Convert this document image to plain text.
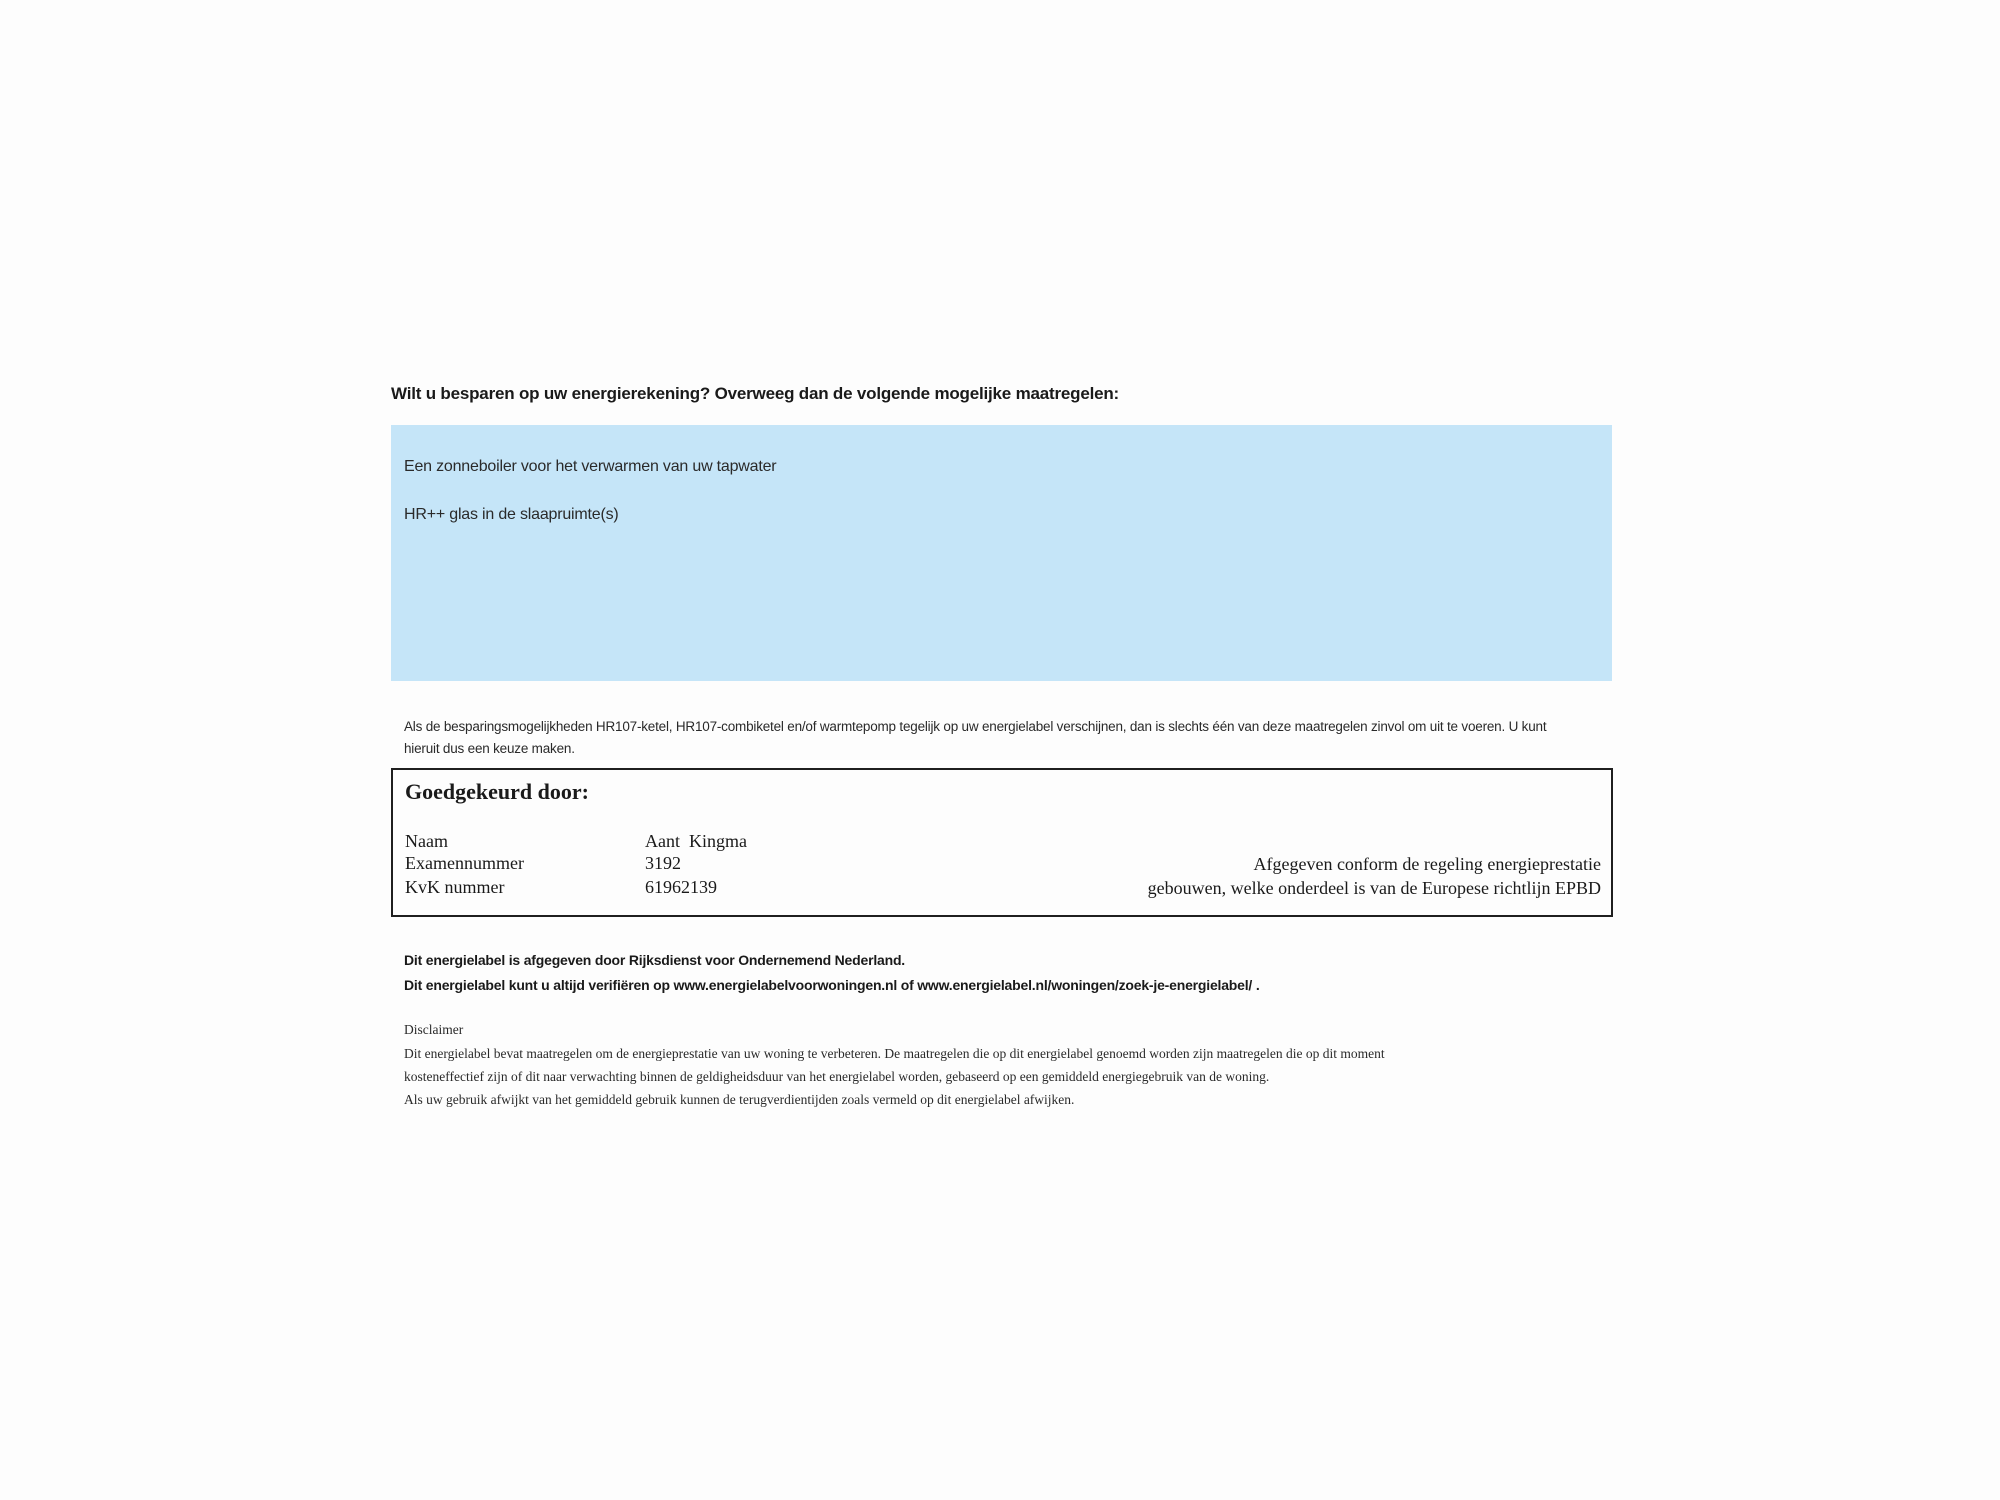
Wilt u besparen op uw energierekening? Overweeg dan de volgende mogelijke maatregelen:
Een zonneboiler voor het verwarmen van uw tapwater
HR++ glas in de slaapruimte(s)
Als de besparingsmogelijkheden HR107-ketel, HR107-combiketel en/of warmtepomp tegelijk op uw energielabel verschijnen, dan is slechts één van deze maatregelen zinvol om uit te voeren. U kunt hieruit dus een keuze maken.
Goedgekeurd door:
Naam	Aant  Kingma
Examennummer	3192
KvK nummer	61962139
Afgegeven conform de regeling energieprestatie
gebouwen, welke onderdeel is van de Europese richtlijn EPBD
Dit energielabel is afgegeven door Rijksdienst voor Ondernemend Nederland.
Dit energielabel kunt u altijd verifiëren op www.energielabelvoorwoningen.nl of www.energielabel.nl/woningen/zoek-je-energielabel/ .
Disclaimer
Dit energielabel bevat maatregelen om de energieprestatie van uw woning te verbeteren. De maatregelen die op dit energielabel genoemd worden zijn maatregelen die op dit moment
kosteneffectief zijn of dit naar verwachting binnen de geldigheidsduur van het energielabel worden, gebaseerd op een gemiddeld energiegebruik van de woning.
Als uw gebruik afwijkt van het gemiddeld gebruik kunnen de terugverdientijden zoals vermeld op dit energielabel afwijken.
